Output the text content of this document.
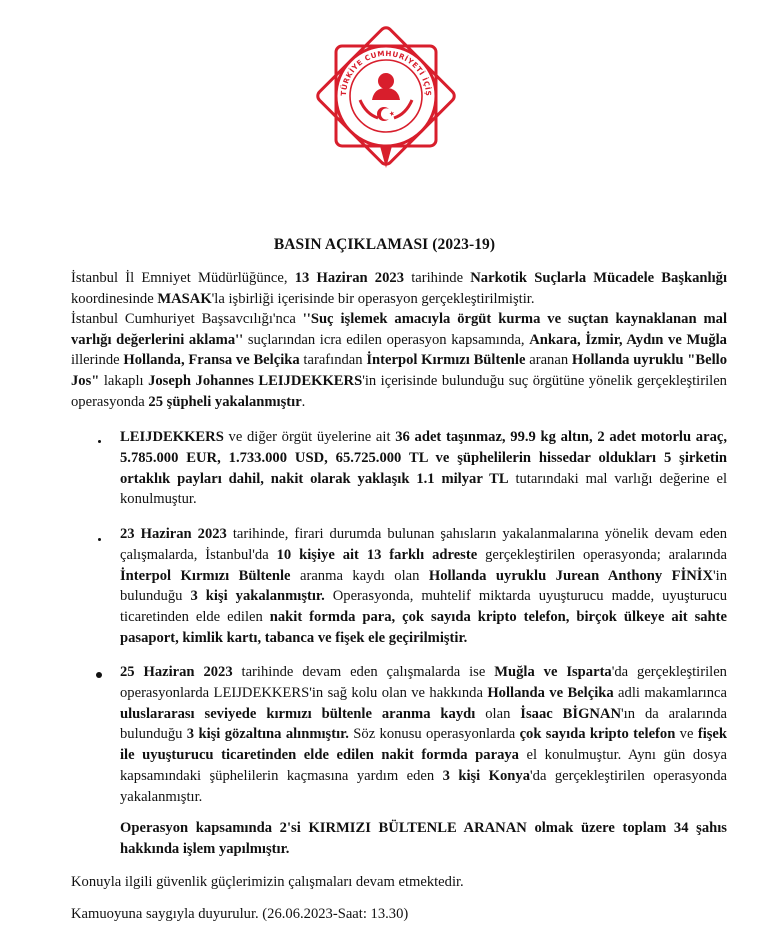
TÜRKİYE CUMHURİYETİ İÇİŞ
BASIN AÇIKLAMASI (2023-19)

İstanbul İl Emniyet Müdürlüğünce, 13 Haziran 2023 tarihinde Narkotik Suçlarla Mücadele Başkanlığı koordinesinde MASAK'la işbirliği içerisinde bir operasyon gerçekleştirilmiştir.
İstanbul Cumhuriyet Başsavcılığı'nca ''Suç işlemek amacıyla örgüt kurma ve suçtan kaynaklanan mal varlığı değerlerini aklama'' suçlarından icra edilen operasyon kapsamında, Ankara, İzmir, Aydın ve Muğla illerinde Hollanda, Fransa ve Belçika tarafından İnterpol Kırmızı Bültenle aranan Hollanda uyruklu "Bello Jos" lakaplı Joseph Johannes LEIJDEKKERS'in içerisinde bulunduğu suç örgütüne yönelik gerçekleştirilen operasyonda 25 şüpheli yakalanmıştır.

LEIJDEKKERS ve diğer örgüt üyelerine ait 36 adet taşınmaz, 99.9 kg altın, 2 adet motorlu araç, 5.785.000 EUR, 1.733.000 USD, 65.725.000 TL ve şüphelilerin hissedar oldukları 5 şirketin ortaklık payları dahil, nakit olarak yaklaşık 1.1 milyar TL tutarındaki mal varlığı değerine el konulmuştur.

23 Haziran 2023 tarihinde, firari durumda bulunan şahısların yakalanmalarına yönelik devam eden çalışmalarda, İstanbul'da 10 kişiye ait 13 farklı adreste gerçekleştirilen operasyonda; aralarında İnterpol Kırmızı Bültenle aranma kaydı olan Hollanda uyruklu Jurean Anthony FİNİX'in bulunduğu 3 kişi yakalanmıştır. Operasyonda, muhtelif miktarda uyuşturucu madde, uyuşturucu ticaretinden elde edilen nakit formda para, çok sayıda kripto telefon, birçok ülkeye ait sahte pasaport, kimlik kartı, tabanca ve fişek ele geçirilmiştir.

25 Haziran 2023 tarihinde devam eden çalışmalarda ise Muğla ve Isparta'da gerçekleştirilen operasyonlarda LEIJDEKKERS'in sağ kolu olan ve hakkında Hollanda ve Belçika adli makamlarınca uluslararası seviyede kırmızı bültenle aranma kaydı olan İsaac BİGNAN'ın da aralarında bulunduğu 3 kişi gözaltına alınmıştır. Söz konusu operasyonlarda çok sayıda kripto telefon ve fişek ile uyuşturucu ticaretinden elde edilen nakit formda paraya el konulmuştur. Aynı gün dosya kapsamındaki şüphelilerin kaçmasına yardım eden 3 kişi Konya'da gerçekleştirilen operasyonda yakalanmıştır.

Operasyon kapsamında 2'si KIRMIZI BÜLTENLE ARANAN olmak üzere toplam 34 şahıs hakkında işlem yapılmıştır.

Konuyla ilgili güvenlik güçlerimizin çalışmaları devam etmektedir.

Kamuoyuna saygıyla duyurulur. (26.06.2023-Saat: 13.30)
